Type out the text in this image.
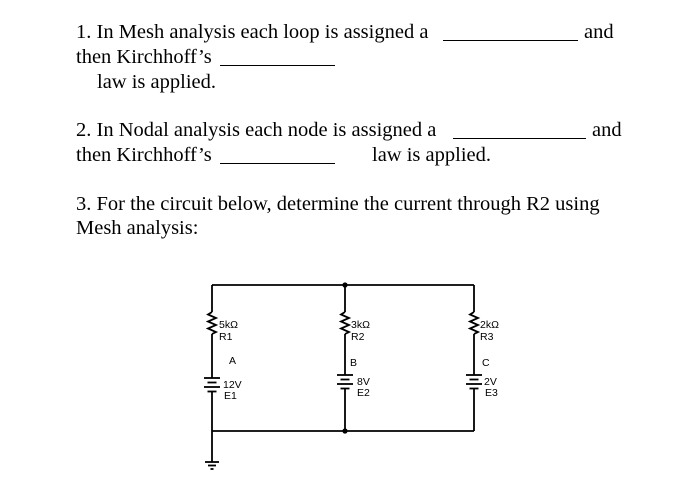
1. In Mesh analysis each loop is assigned a	and
then Kirchhoff’s
law is applied.
2. In Nodal analysis each node is assigned a	and
then Kirchhoff’s	law is applied.
3. For the circuit below, determine the current through R2 using
Mesh analysis:
5kΩ
R1
A
12V
E1
3kΩ
R2
B
8V
E2
2kΩ
R3
C
2V
E3
